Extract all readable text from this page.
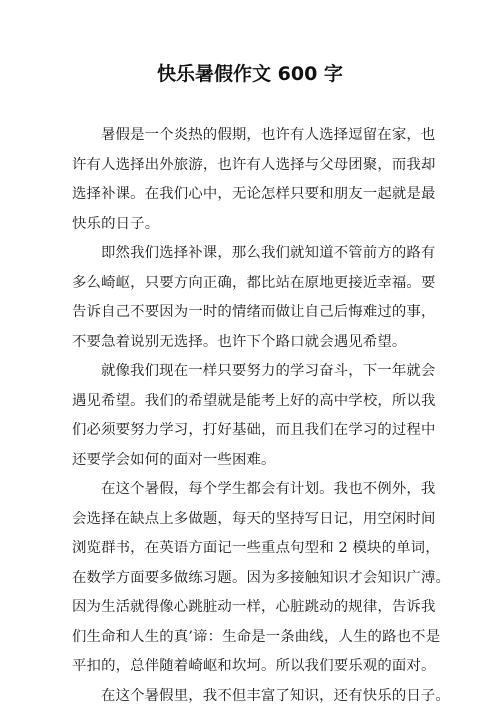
快乐暑假作文 600 字
暑假是一个炎热的假期，也许有人选择逗留在家，也
许有人选择出外旅游，也许有人选择与父母团聚，而我却
选择补课。在我们心中，无论怎样只要和朋友一起就是最
快乐的日子。
即然我们选择补课，那么我们就知道不管前方的路有
多么崎岖，只要方向正确，都比站在原地更接近幸福。要
告诉自己不要因为一时的情绪而做让自己后悔难过的事，
不要急着说别无选择。也许下个路口就会遇见希望。
就像我们现在一样只要努力的学习奋斗，下一年就会
遇见希望。我们的希望就是能考上好的高中学校，所以我
们必须要努力学习，打好基础，而且我们在学习的过程中
还要学会如何的面对一些困难。
在这个暑假，每个学生都会有计划。我也不例外，我
会选择在缺点上多做题，每天的坚持写日记，用空闲时间
浏览群书，在英语方面记一些重点句型和 2 模块的单词，
在数学方面要多做练习题。因为多接触知识才会知识广溥。
因为生活就得像心跳脏动一样，心脏跳动的规律，告诉我
们生命和人生的真’谛：生命是一条曲线，人生的路也不是
平扣的，总伴随着崎岖和坎坷。所以我们要乐观的面对。
在这个暑假里，我不但丰富了知识，还有快乐的日子。
